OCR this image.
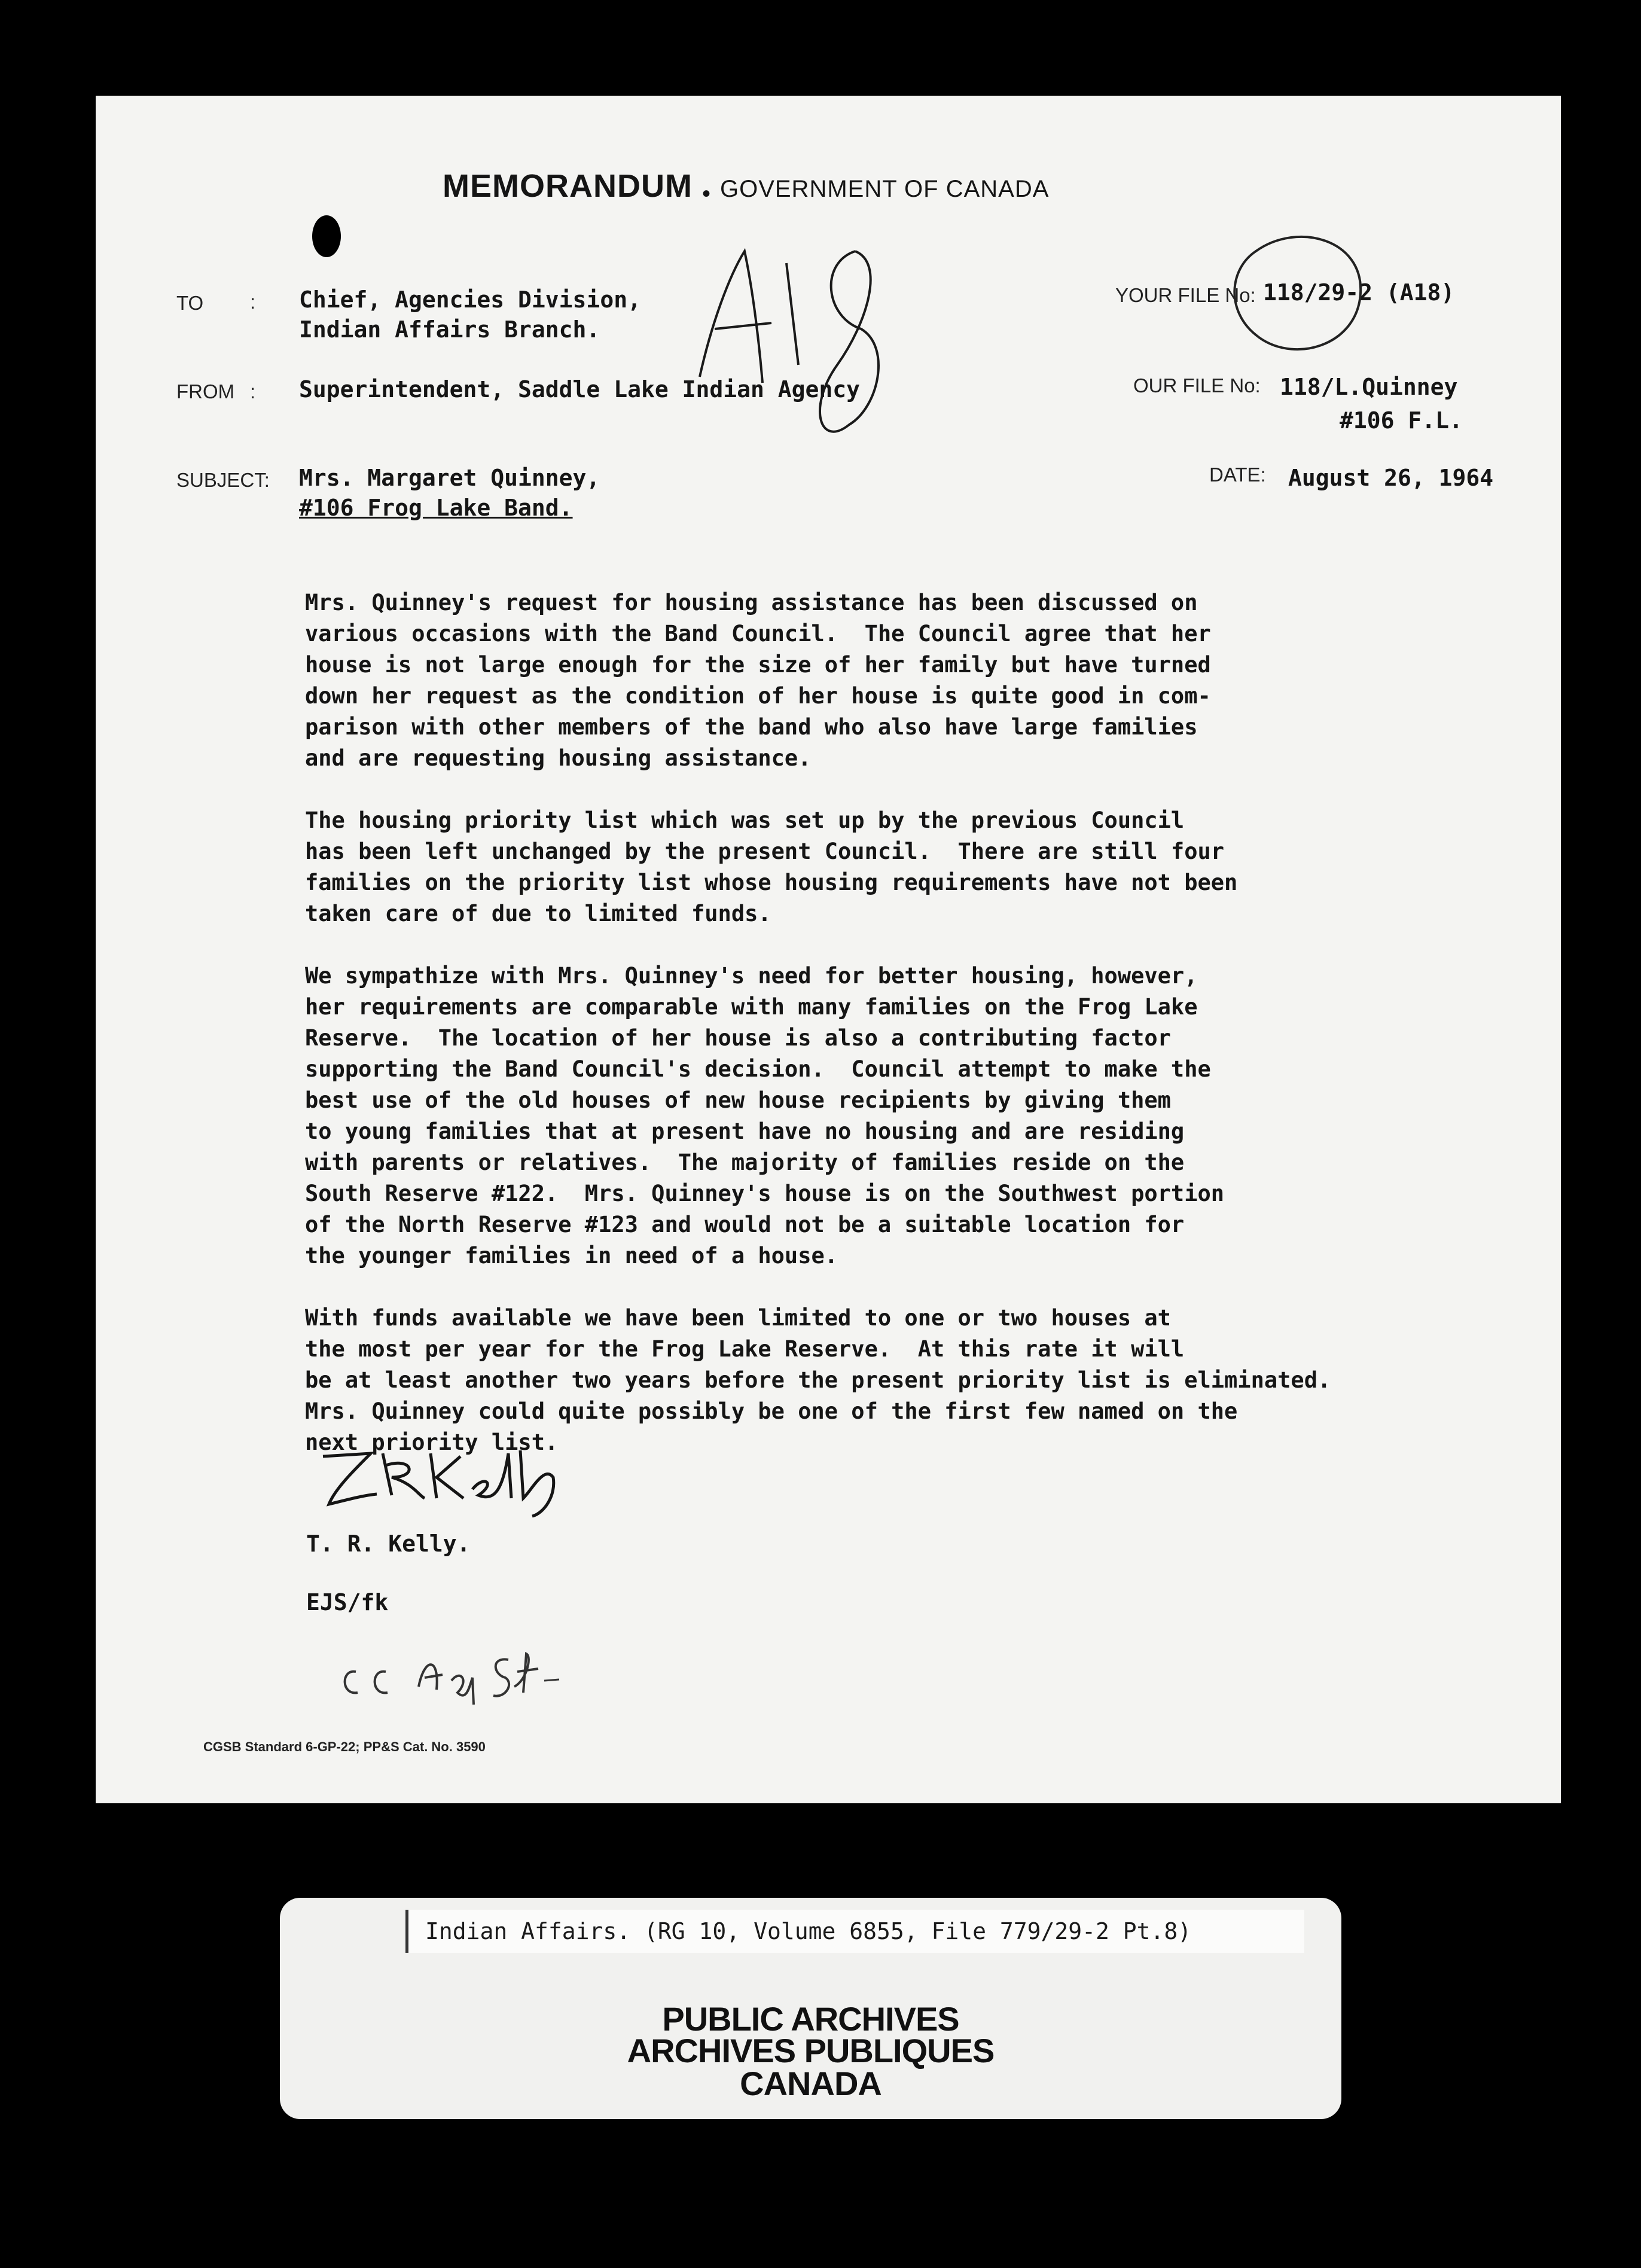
MEMORANDUM • GOVERNMENT OF CANADA
TO : Chief, Agencies Division,
Indian Affairs Branch.
FROM : Superintendent, Saddle Lake Indian Agency
SUBJECT: Mrs. Margaret Quinney,
#106 Frog Lake Band.
YOUR FILE No: 118/29-2 (A18)
OUR FILE No: 118/L.Quinney
#106 F.L.
DATE: August 26, 1964

Mrs. Quinney's request for housing assistance has been discussed on
various occasions with the Band Council.  The Council agree that her
house is not large enough for the size of her family but have turned
down her request as the condition of her house is quite good in com-
parison with other members of the band who also have large families
and are requesting housing assistance.

The housing priority list which was set up by the previous Council
has been left unchanged by the present Council.  There are still four
families on the priority list whose housing requirements have not been
taken care of due to limited funds.

We sympathize with Mrs. Quinney's need for better housing, however,
her requirements are comparable with many families on the Frog Lake
Reserve.  The location of her house is also a contributing factor
supporting the Band Council's decision.  Council attempt to make the
best use of the old houses of new house recipients by giving them
to young families that at present have no housing and are residing
with parents or relatives.  The majority of families reside on the
South Reserve #122.  Mrs. Quinney's house is on the Southwest portion
of the North Reserve #123 and would not be a suitable location for
the younger families in need of a house.

With funds available we have been limited to one or two houses at
the most per year for the Frog Lake Reserve.  At this rate it will
be at least another two years before the present priority list is eliminated.
Mrs. Quinney could quite possibly be one of the first few named on the
next priority list.

T. R. Kelly.
EJS/fk
CGSB Standard 6-GP-22; PP&S Cat. No. 3590
Indian Affairs. (RG 10, Volume 6855, File 779/29-2 Pt.8)
PUBLIC ARCHIVES
ARCHIVES PUBLIQUES
CANADA
